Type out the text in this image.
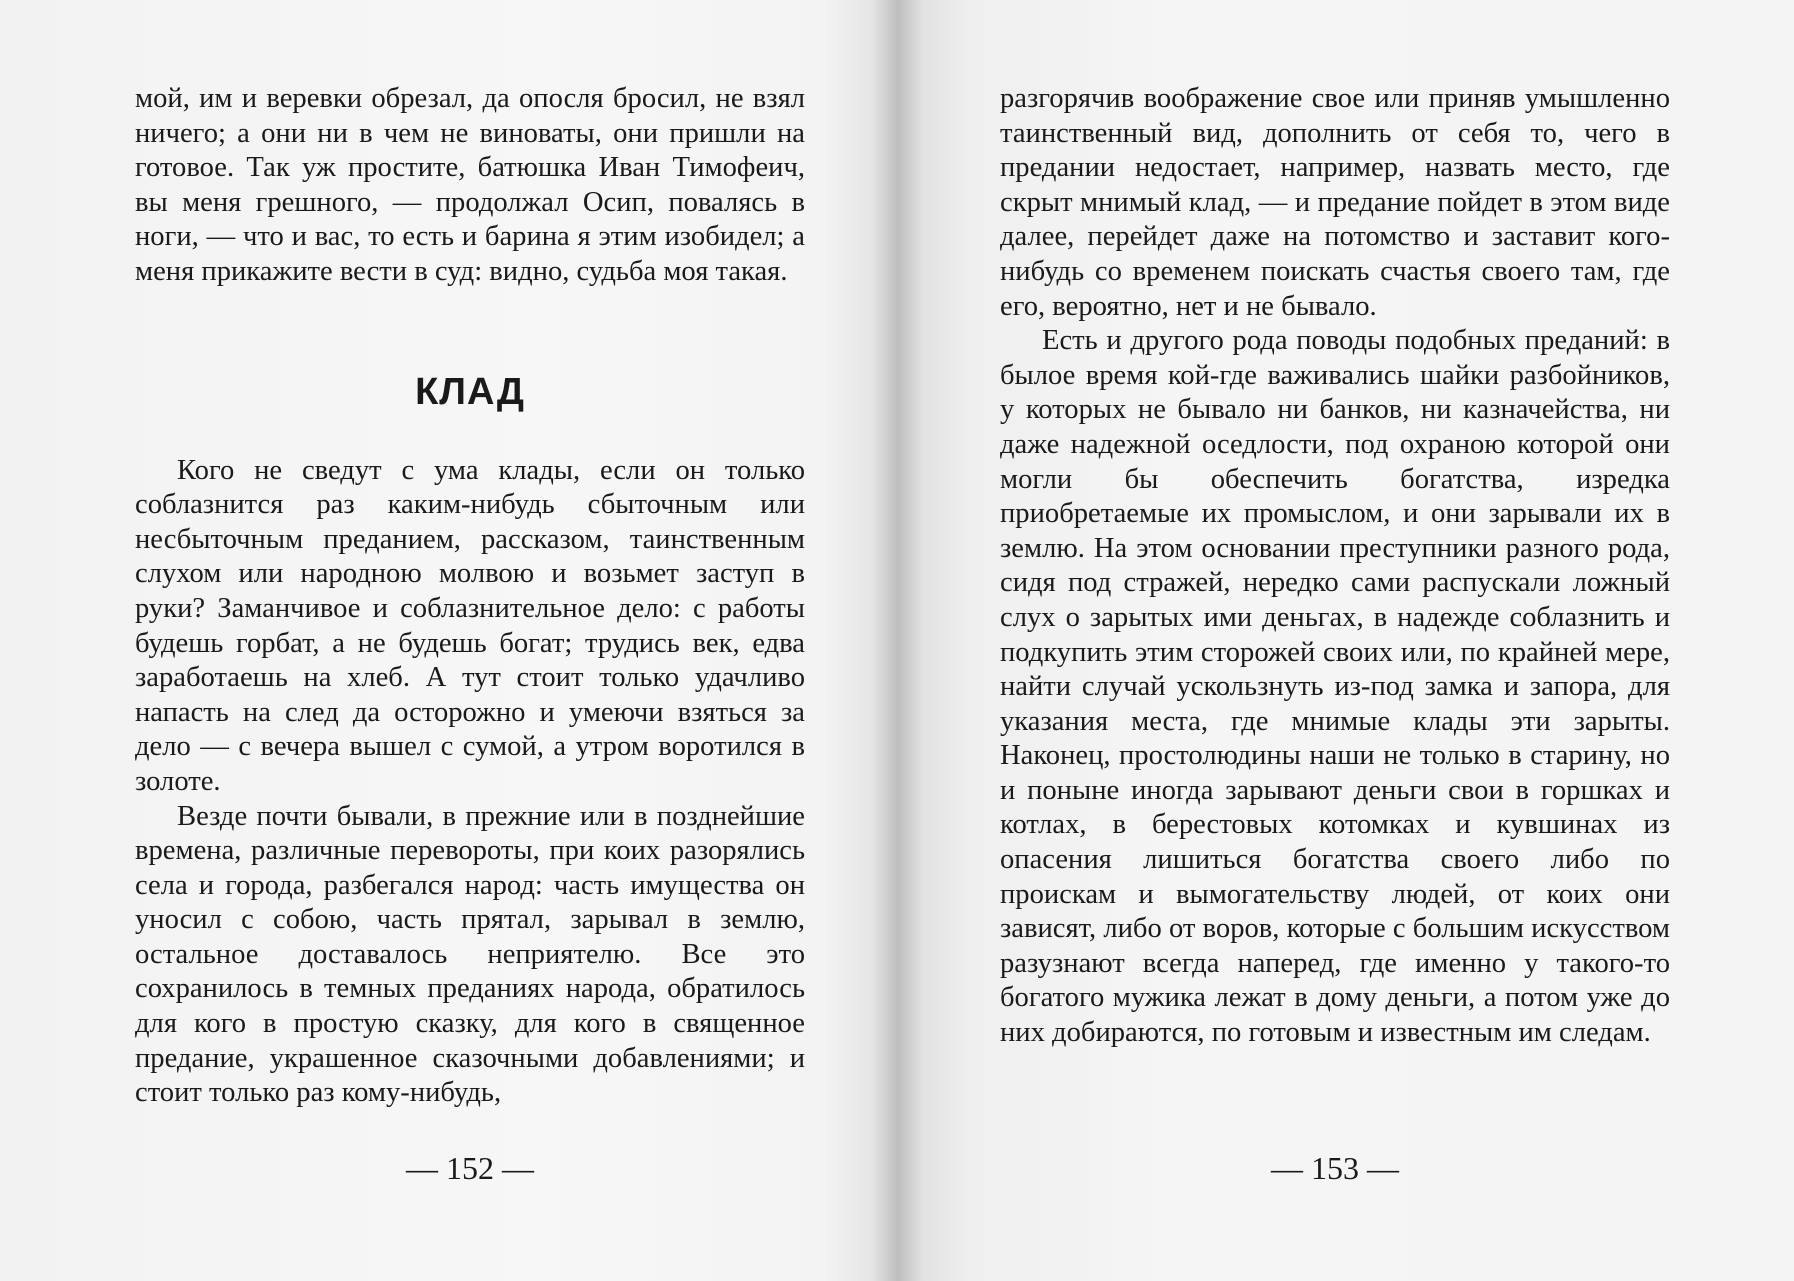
мой, им и веревки обрезал, да опосля бросил, не взял ничего; а они ни в чем не виноваты, они пришли на готовое. Так уж простите, батюшка Иван Тимофеич, вы меня грешного, — продолжал Осип, повалясь в ноги, — что и вас, то есть и барина я этим изобидел; а меня прикажите вести в суд: видно, судьба моя такая.

КЛАД

Кого не сведут с ума клады, если он только соблазнится раз каким-нибудь сбыточным или несбыточным преданием, рассказом, таинственным слухом или народною молвою и возьмет заступ в руки? Заманчивое и соблазнительное дело: с работы будешь горбат, а не будешь богат; трудись век, едва заработаешь на хлеб. А тут стоит только удачливо напасть на след да осторожно и умеючи взяться за дело — с вечера вышел с сумой, а утром воротился в золоте.

Везде почти бывали, в прежние или в позднейшие времена, различные перевороты, при коих разорялись села и города, разбегался народ: часть имущества он уносил с собою, часть прятал, зарывал в землю, остальное доставалось неприятелю. Все это сохранилось в темных преданиях народа, обратилось для кого в простую сказку, для кого в священное предание, украшенное сказочными добавлениями; и стоит только раз кому-нибудь,

— 152 —

разгорячив воображение свое или приняв умышленно таинственный вид, дополнить от себя то, чего в предании недостает, например, назвать место, где скрыт мнимый клад, — и предание пойдет в этом виде далее, перейдет даже на потомство и заставит кого-нибудь со временем поискать счастья своего там, где его, вероятно, нет и не бывало.

Есть и другого рода поводы подобных преданий: в былое время кой-где важивались шайки разбойников, у которых не бывало ни банков, ни казначейства, ни даже надежной оседлости, под охраною которой они могли бы обеспечить богатства, изредка приобретаемые их промыслом, и они зарывали их в землю. На этом основании преступники разного рода, сидя под стражей, нередко сами распускали ложный слух о зарытых ими деньгах, в надежде соблазнить и подкупить этим сторожей своих или, по крайней мере, найти случай ускользнуть из-под замка и запора, для указания места, где мнимые клады эти зарыты. Наконец, простолюдины наши не только в старину, но и поныне иногда зарывают деньги свои в горшках и котлах, в берестовых котомках и кувшинах из опасения лишиться богатства своего либо по проискам и вымогательству людей, от коих они зависят, либо от воров, которые с большим искусством разузнают всегда наперед, где именно у такого-то богатого мужика лежат в дому деньги, а потом уже до них добираются, по готовым и известным им следам.

— 153 —
